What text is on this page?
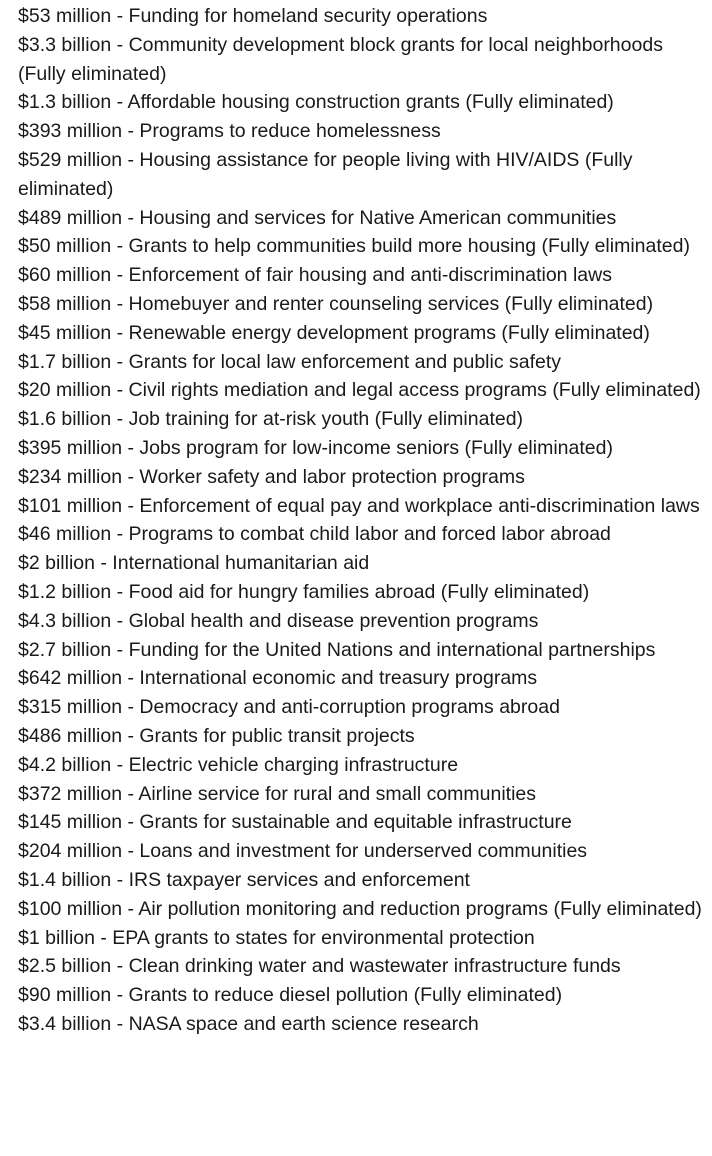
$53 million - Funding for homeland security operations
$3.3 billion - Community development block grants for local neighborhoods (Fully eliminated)
$1.3 billion - Affordable housing construction grants (Fully eliminated)
$393 million - Programs to reduce homelessness
$529 million - Housing assistance for people living with HIV/AIDS (Fully eliminated)
$489 million - Housing and services for Native American communities
$50 million - Grants to help communities build more housing (Fully eliminated)
$60 million - Enforcement of fair housing and anti-discrimination laws
$58 million - Homebuyer and renter counseling services (Fully eliminated)
$45 million - Renewable energy development programs (Fully eliminated)
$1.7 billion - Grants for local law enforcement and public safety
$20 million - Civil rights mediation and legal access programs (Fully eliminated)
$1.6 billion - Job training for at-risk youth (Fully eliminated)
$395 million - Jobs program for low-income seniors (Fully eliminated)
$234 million - Worker safety and labor protection programs
$101 million - Enforcement of equal pay and workplace anti-discrimination laws
$46 million - Programs to combat child labor and forced labor abroad
$2 billion - International humanitarian aid
$1.2 billion - Food aid for hungry families abroad (Fully eliminated)
$4.3 billion - Global health and disease prevention programs
$2.7 billion - Funding for the United Nations and international partnerships
$642 million - International economic and treasury programs
$315 million - Democracy and anti-corruption programs abroad
$486 million - Grants for public transit projects
$4.2 billion - Electric vehicle charging infrastructure
$372 million - Airline service for rural and small communities
$145 million - Grants for sustainable and equitable infrastructure
$204 million - Loans and investment for underserved communities
$1.4 billion - IRS taxpayer services and enforcement
$100 million - Air pollution monitoring and reduction programs (Fully eliminated)
$1 billion - EPA grants to states for environmental protection
$2.5 billion - Clean drinking water and wastewater infrastructure funds
$90 million - Grants to reduce diesel pollution (Fully eliminated)
$3.4 billion - NASA space and earth science research
